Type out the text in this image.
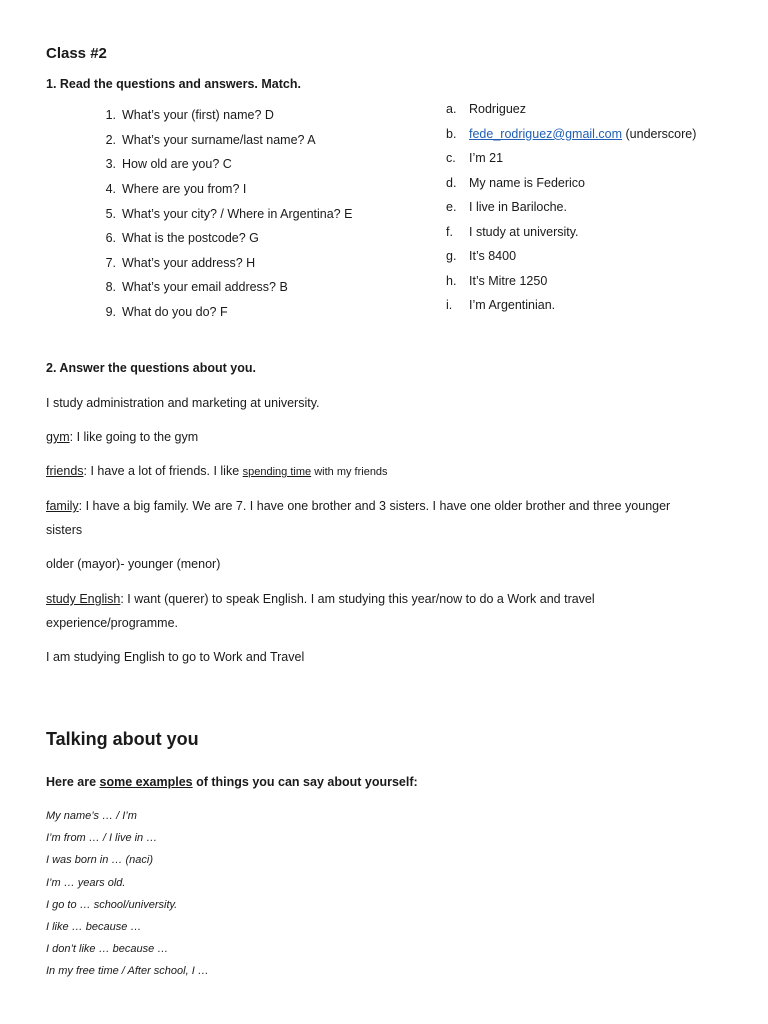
Class #2
1. Read the questions and answers. Match.
1. What’s your (first) name? D
2. What’s your surname/last name? A
3. How old are you? C
4. Where are you from? I
5. What’s your city? / Where in Argentina? E
6. What is the postcode? G
7. What’s your address? H
8. What’s your email address? B
9. What do you do? F
a.	Rodriguez
b.	fede_rodriguez@gmail.com (underscore)
c.	I’m 21
d.	My name is Federico
e.	I live in Bariloche.
f.	I study at university.
g.	It’s 8400
h.	It’s Mitre 1250
i.	I’m Argentinian.
2. Answer the questions about you.
I study administration and marketing at university.
gym: I like going to the gym
friends: I have a lot of friends. I like spending time with my friends
family: I have a big family. We are 7. I have one brother and 3 sisters. I have one older brother and three younger sisters
older (mayor)- younger (menor)
study English: I want (querer) to speak English. I am studying this year/now to do a Work and travel experience/programme.
I am studying English to go to Work and Travel
Talking about you
Here are some examples of things you can say about yourself:
My name’s … / I’m
I’m from … / I live in …
I was born in … (naci)
I’m … years old.
I go to … school/university.
I like … because …
I don’t like … because …
In my free time / After school, I …
